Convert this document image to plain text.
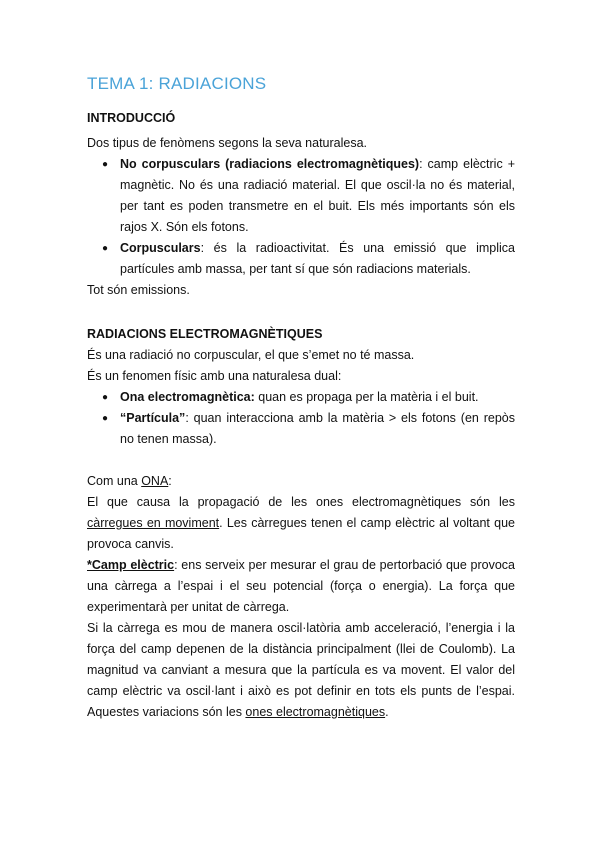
TEMA 1: RADIACIONS

INTRODUCCIÓ

Dos tipus de fenòmens segons la seva naturalesa.

● No corpusculars (radiacions electromagnètiques): camp elèctric + magnètic. No és una radiació material. El que oscil·la no és material, per tant es poden transmetre en el buit. Els més importants són els rajos X. Són els fotons.
● Corpusculars: és la radioactivitat. És una emissió que implica partícules amb massa, per tant sí que són radiacions materials.

Tot són emissions.

RADIACIONS ELECTROMAGNÈTIQUES

És una radiació no corpuscular, el que s’emet no té massa.

És un fenomen físic amb una naturalesa dual:

● Ona electromagnètica: quan es propaga per la matèria i el buit.
● “Partícula”: quan interacciona amb la matèria > els fotons (en repòs no tenen massa).

Com una ONA:

El que causa la propagació de les ones electromagnètiques són les càrregues en moviment. Les càrregues tenen el camp elèctric al voltant que provoca canvis.

*Camp elèctric: ens serveix per mesurar el grau de pertorbació que provoca una càrrega a l’espai i el seu potencial (força o energia). La força que experimentarà per unitat de càrrega.

Si la càrrega es mou de manera oscil·latòria amb acceleració, l’energia i la força del camp depenen de la distància principalment (llei de Coulomb). La magnitud va canviant a mesura que la partícula es va movent. El valor del camp elèctric va oscil·lant i això es pot definir en tots els punts de l’espai. Aquestes variacions són les ones electromagnètiques.
